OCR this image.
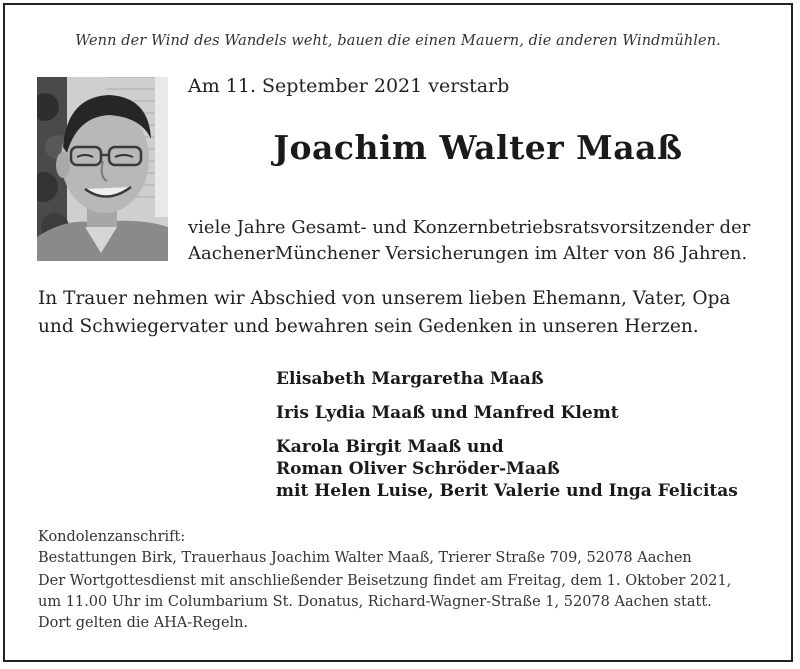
Wenn der Wind des Wandels weht, bauen die einen Mauern, die anderen Windmühlen.
Am 11. September 2021 verstarb
Joachim Walter Maaß
viele Jahre Gesamt- und Konzernbetriebsratsvorsitzender der
AachenerMünchener Versicherungen im Alter von 86 Jahren.
In Trauer nehmen wir Abschied von unserem lieben Ehemann, Vater, Opa
und Schwiegervater und bewahren sein Gedenken in unseren Herzen.
Elisabeth Margaretha Maaß
Iris Lydia Maaß und Manfred Klemt
Karola Birgit Maaß und
Roman Oliver Schröder-Maaß
mit Helen Luise, Berit Valerie und Inga Felicitas
Kondolenzanschrift:
Bestattungen Birk, Trauerhaus Joachim Walter Maaß, Trierer Straße 709, 52078 Aachen
Der Wortgottesdienst mit anschließender Beisetzung findet am Freitag, dem 1. Oktober 2021,
um 11.00 Uhr im Columbarium St. Donatus, Richard-Wagner-Straße 1, 52078 Aachen statt.
Dort gelten die AHA-Regeln.
